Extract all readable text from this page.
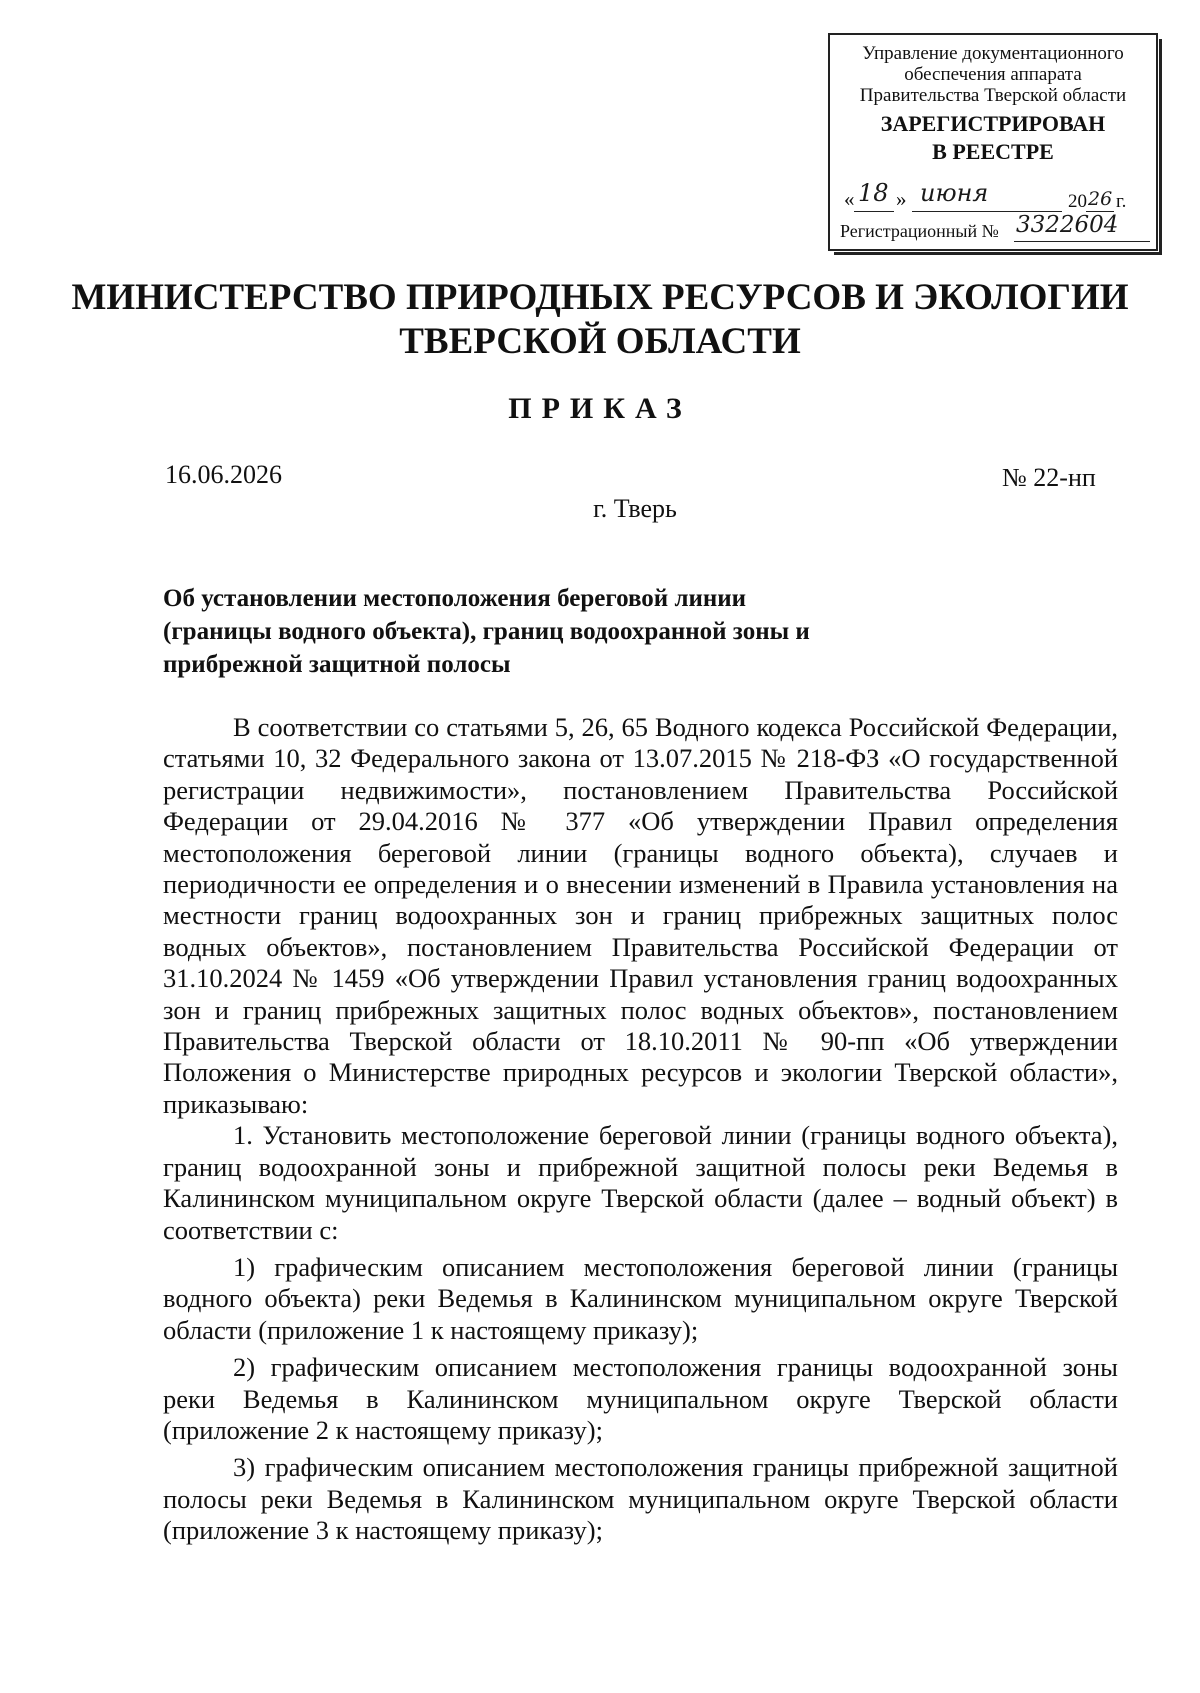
Управление документационного
обеспечения аппарата
Правительства Тверской области
ЗАРЕГИСТРИРОВАН
В РЕЕСТРЕ
« 18 » июня	20 26 г.
Регистрационный № 3322604
МИНИСТЕРСТВО ПРИРОДНЫХ РЕСУРСОВ И ЭКОЛОГИИ
ТВЕРСКОЙ ОБЛАСТИ
ПРИКАЗ
16.06.2026	№ 22-нп
г. Тверь
Об установлении местоположения береговой линии
(границы водного объекта), границ водоохранной зоны и
прибрежной защитной полосы

В соответствии со статьями 5, 26, 65 Водного кодекса Российской Федерации, статьями 10, 32 Федерального закона от 13.07.2015 № 218-ФЗ «О государственной регистрации недвижимости», постановлением Правительства Российской Федерации от 29.04.2016 № 377 «Об утверждении Правил определения местоположения береговой линии (границы водного объекта), случаев и периодичности ее определения и о внесении изменений в Правила установления на местности границ водоохранных зон и границ прибрежных защитных полос водных объектов», постановлением Правительства Российской Федерации от 31.10.2024 № 1459 «Об утверждении Правил установления границ водоохранных зон и границ прибрежных защитных полос водных объектов», постановлением Правительства Тверской области от 18.10.2011 № 90-пп «Об утверждении Положения о Министерстве природных ресурсов и экологии Тверской области», приказываю:

1. Установить местоположение береговой линии (границы водного объекта), границ водоохранной зоны и прибрежной защитной полосы реки Ведемья в Калининском муниципальном округе Тверской области (далее – водный объект) в соответствии с:

1) графическим описанием местоположения береговой линии (границы водного объекта) реки Ведемья в Калининском муниципальном округе Тверской области (приложение 1 к настоящему приказу);

2) графическим описанием местоположения границы водоохранной зоны реки Ведемья в Калининском муниципальном округе Тверской области (приложение 2 к настоящему приказу);

3) графическим описанием местоположения границы прибрежной защитной полосы реки Ведемья в Калининском муниципальном округе Тверской области (приложение 3 к настоящему приказу);
